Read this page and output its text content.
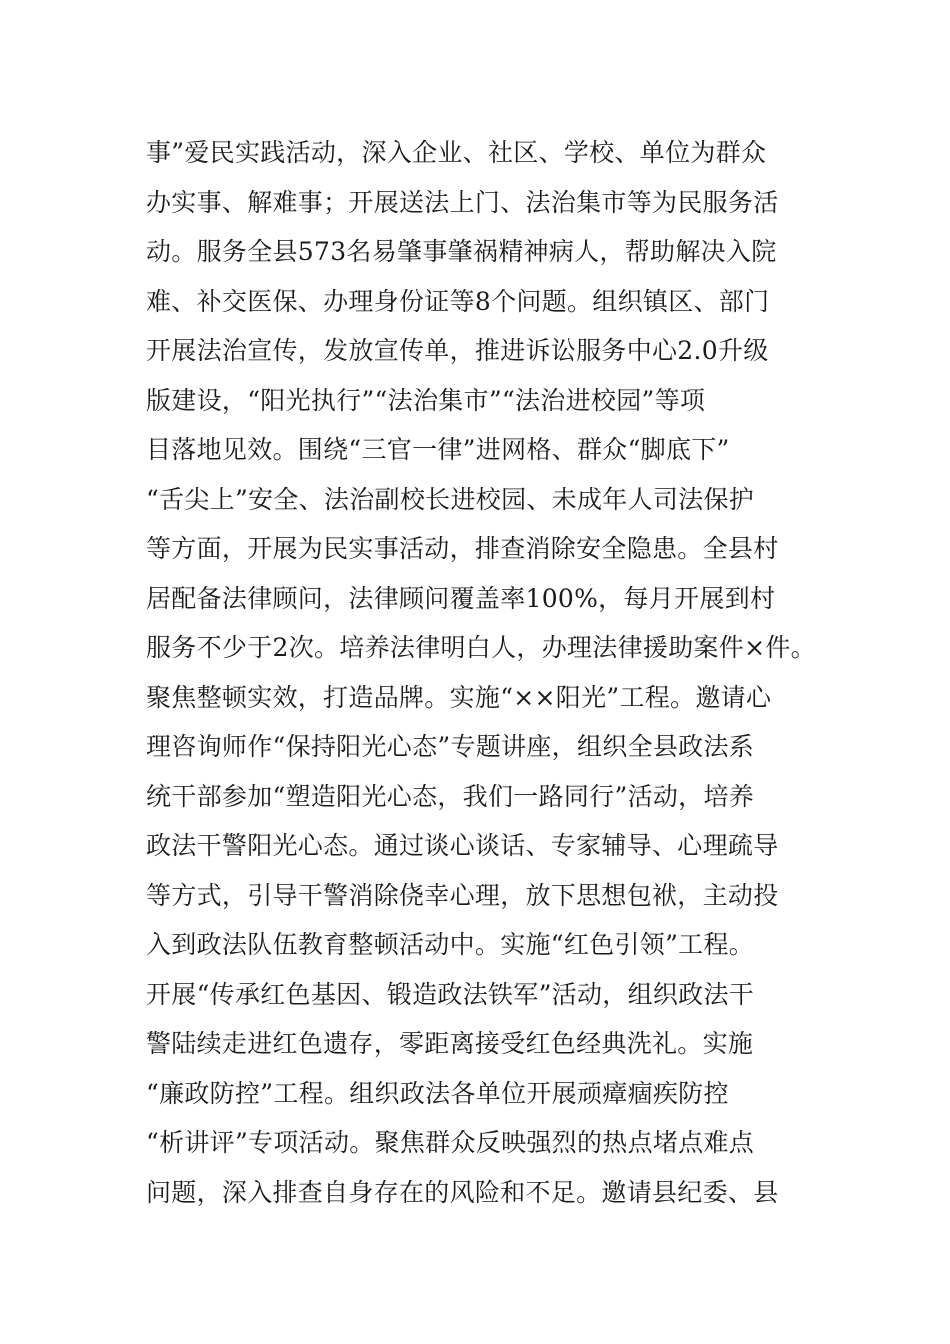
事”爱民实践活动，深入企业、社区、学校、单位为群众
办实事、解难事；开展送法上门、法治集市等为民服务活
动。服务全县573名易肇事肇祸精神病人，帮助解决入院
难、补交医保、办理身份证等8个问题。组织镇区、部门
开展法治宣传，发放宣传单，推进诉讼服务中心2.0升级
版建设，“阳光执行”“法治集市”“法治进校园”等项
目落地见效。围绕“三官一律”进网格、群众“脚底下”
“舌尖上”安全、法治副校长进校园、未成年人司法保护
等方面，开展为民实事活动，排查消除安全隐患。全县村
居配备法律顾问，法律顾问覆盖率100%，每月开展到村
服务不少于2次。培养法律明白人，办理法律援助案件×件。
聚焦整顿实效，打造品牌。实施“××阳光”工程。邀请心
理咨询师作“保持阳光心态”专题讲座，组织全县政法系
统干部参加“塑造阳光心态，我们一路同行”活动，培养
政法干警阳光心态。通过谈心谈话、专家辅导、心理疏导
等方式，引导干警消除侥幸心理，放下思想包袱，主动投
入到政法队伍教育整顿活动中。实施“红色引领”工程。
开展“传承红色基因、锻造政法铁军”活动，组织政法干
警陆续走进红色遗存，零距离接受红色经典洗礼。实施
“廉政防控”工程。组织政法各单位开展顽瘴痼疾防控
“析讲评”专项活动。聚焦群众反映强烈的热点堵点难点
问题，深入排查自身存在的风险和不足。邀请县纪委、县
